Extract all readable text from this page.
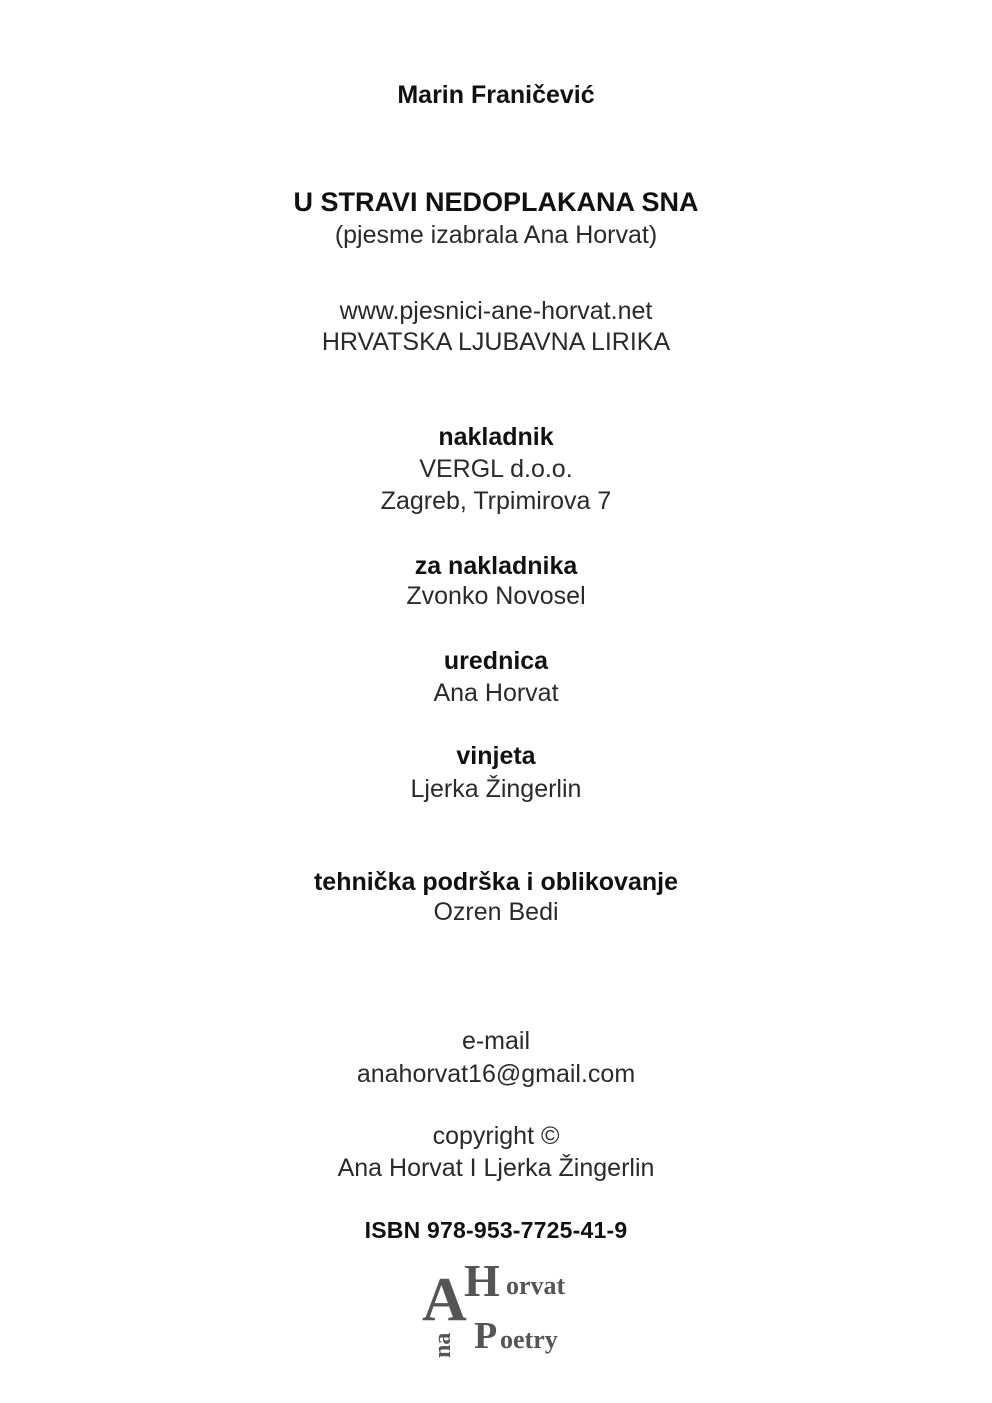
Marin Franičević
U STRAVI NEDOPLAKANA SNA
(pjesme izabrala Ana Horvat)
www.pjesnici-ane-horvat.net
HRVATSKA LJUBAVNA LIRIKA
nakladnik
VERGL d.o.o.
Zagreb, Trpimirova 7
za nakladnika
Zvonko Novosel
urednica
Ana Horvat
vinjeta
Ljerka Žingerlin
tehnička podrška i oblikovanje
Ozren Bedi
e-mail
anahorvat16@gmail.com
copyright ©
Ana Horvat I Ljerka Žingerlin
ISBN 978-953-7725-41-9
A
H orvat
na P oetry
